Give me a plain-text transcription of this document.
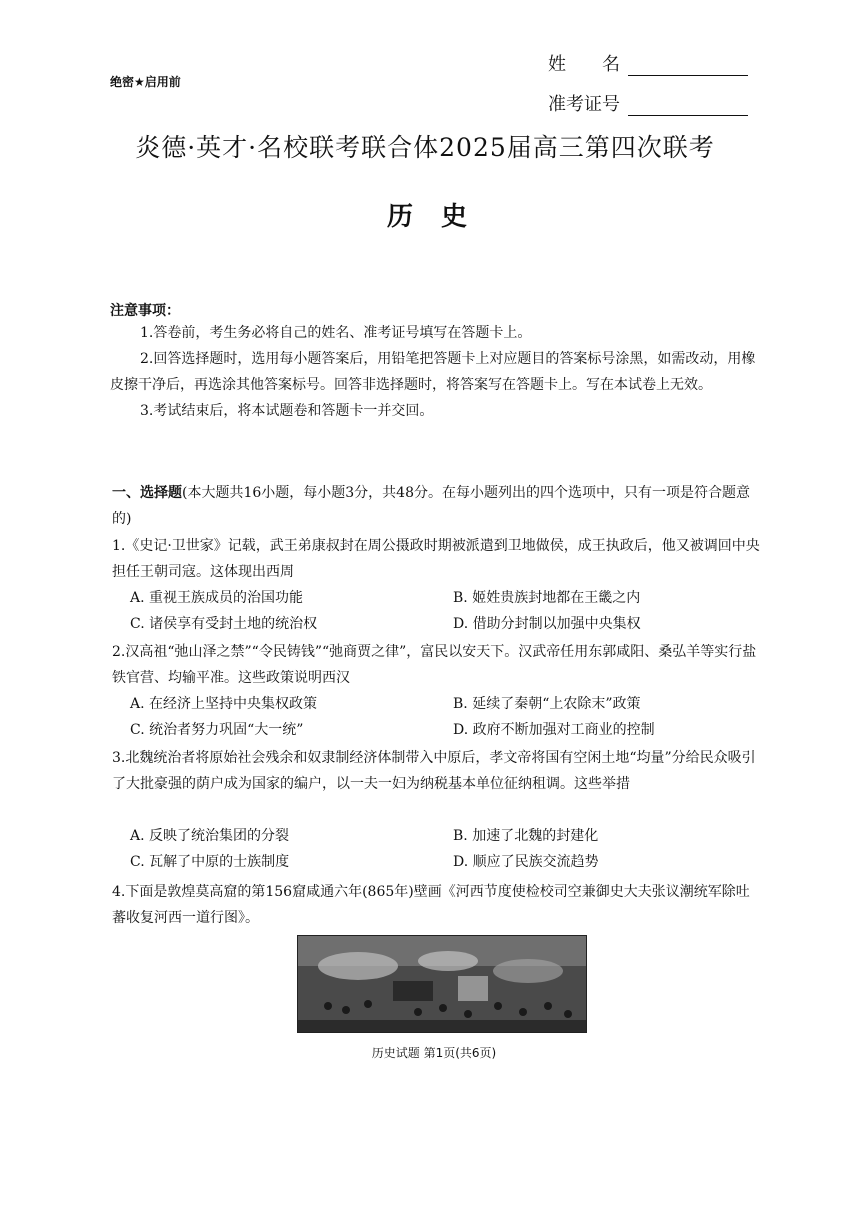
绝密★启用前
姓　　名
准考证号
炎德·英才·名校联考联合体2025届高三第四次联考
历史
注意事项：
1.答卷前，考生务必将自己的姓名、准考证号填写在答题卡上。
2.回答选择题时，选用每小题答案后，用铅笔把答题卡上对应题目的答案标号涂黑，如需改动，用橡皮擦干净后，再选涂其他答案标号。回答非选择题时，将答案写在答题卡上。写在本试卷上无效。
3.考试结束后，将本试题卷和答题卡一并交回。
一、选择题(本大题共16小题，每小题3分，共48分。在每小题列出的四个选项中，只有一项是符合题意的)
1.《史记·卫世家》记载，武王弟康叔封在周公摄政时期被派遣到卫地做侯，成王执政后，他又被调回中央担任王朝司寇。这体现出西周
A. 重视王族成员的治国功能	B. 姬姓贵族封地都在王畿之内
C. 诸侯享有受封土地的统治权	D. 借助分封制以加强中央集权
2.汉高祖“弛山泽之禁”“令民铸钱”“弛商贾之律”，富民以安天下。汉武帝任用东郭咸阳、桑弘羊等实行盐铁官营、均输平准。这些政策说明西汉
A. 在经济上坚持中央集权政策	B. 延续了秦朝“上农除末”政策
C. 统治者努力巩固“大一统”	D. 政府不断加强对工商业的控制
3.北魏统治者将原始社会残余和奴隶制经济体制带入中原后，孝文帝将国有空闲土地“均量”分给民众吸引了大批豪强的荫户成为国家的编户，以一夫一妇为纳税基本单位征纳租调。这些举措
A. 反映了统治集团的分裂	B. 加速了北魏的封建化
C. 瓦解了中原的士族制度	D. 顺应了民族交流趋势
4.下面是敦煌莫高窟的第156窟咸通六年(865年)壁画《河西节度使检校司空兼御史大夫张议潮统军除吐蕃收复河西一道行图》。
历史试题 第1页(共6页)
